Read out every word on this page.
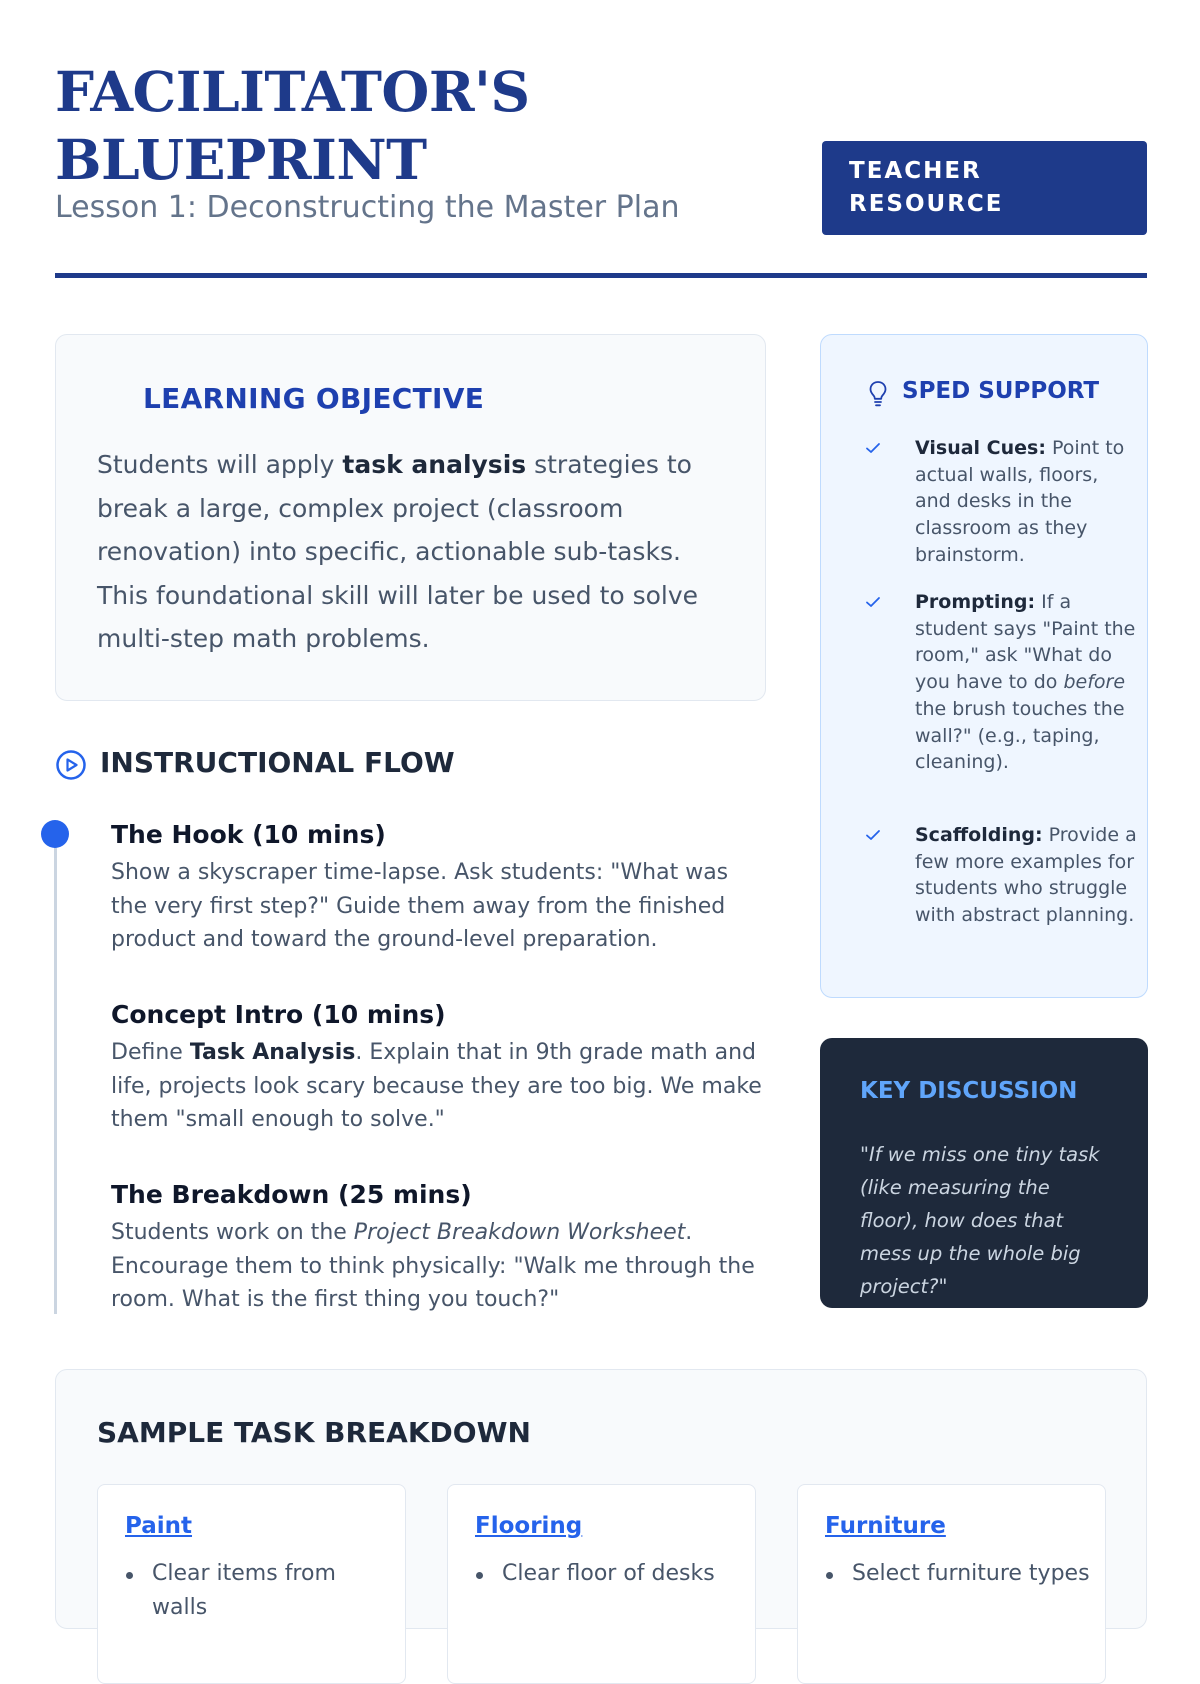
FACILITATOR'S
BLUEPRINT
Lesson 1: Deconstructing the Master Plan
TEACHER
RESOURCE
LEARNING OBJECTIVE
Students will apply task analysis strategies to break a large, complex project (classroom renovation) into specific, actionable sub-tasks. This foundational skill will later be used to solve multi-step math problems.
INSTRUCTIONAL FLOW
The Hook (10 mins)
Show a skyscraper time-lapse. Ask students: "What was the very first step?" Guide them away from the finished product and toward the ground-level preparation.
Concept Intro (10 mins)
Define Task Analysis. Explain that in 9th grade math and life, projects look scary because they are too big. We make them "small enough to solve."
The Breakdown (25 mins)
Students work on the Project Breakdown Worksheet. Encourage them to think physically: "Walk me through the room. What is the first thing you touch?"
SPED SUPPORT
Visual Cues: Point to actual walls, floors, and desks in the classroom as they brainstorm.
Prompting: If a student says "Paint the room," ask "What do you have to do before the brush touches the wall?" (e.g., taping, cleaning).
Scaffolding: Provide a few more examples for students who struggle with abstract planning.
KEY DISCUSSION
"If we miss one tiny task (like measuring the floor), how does that mess up the whole big project?"
SAMPLE TASK BREAKDOWN
Paint
Clear items from walls
Flooring
Clear floor of desks
Furniture
Select furniture types
